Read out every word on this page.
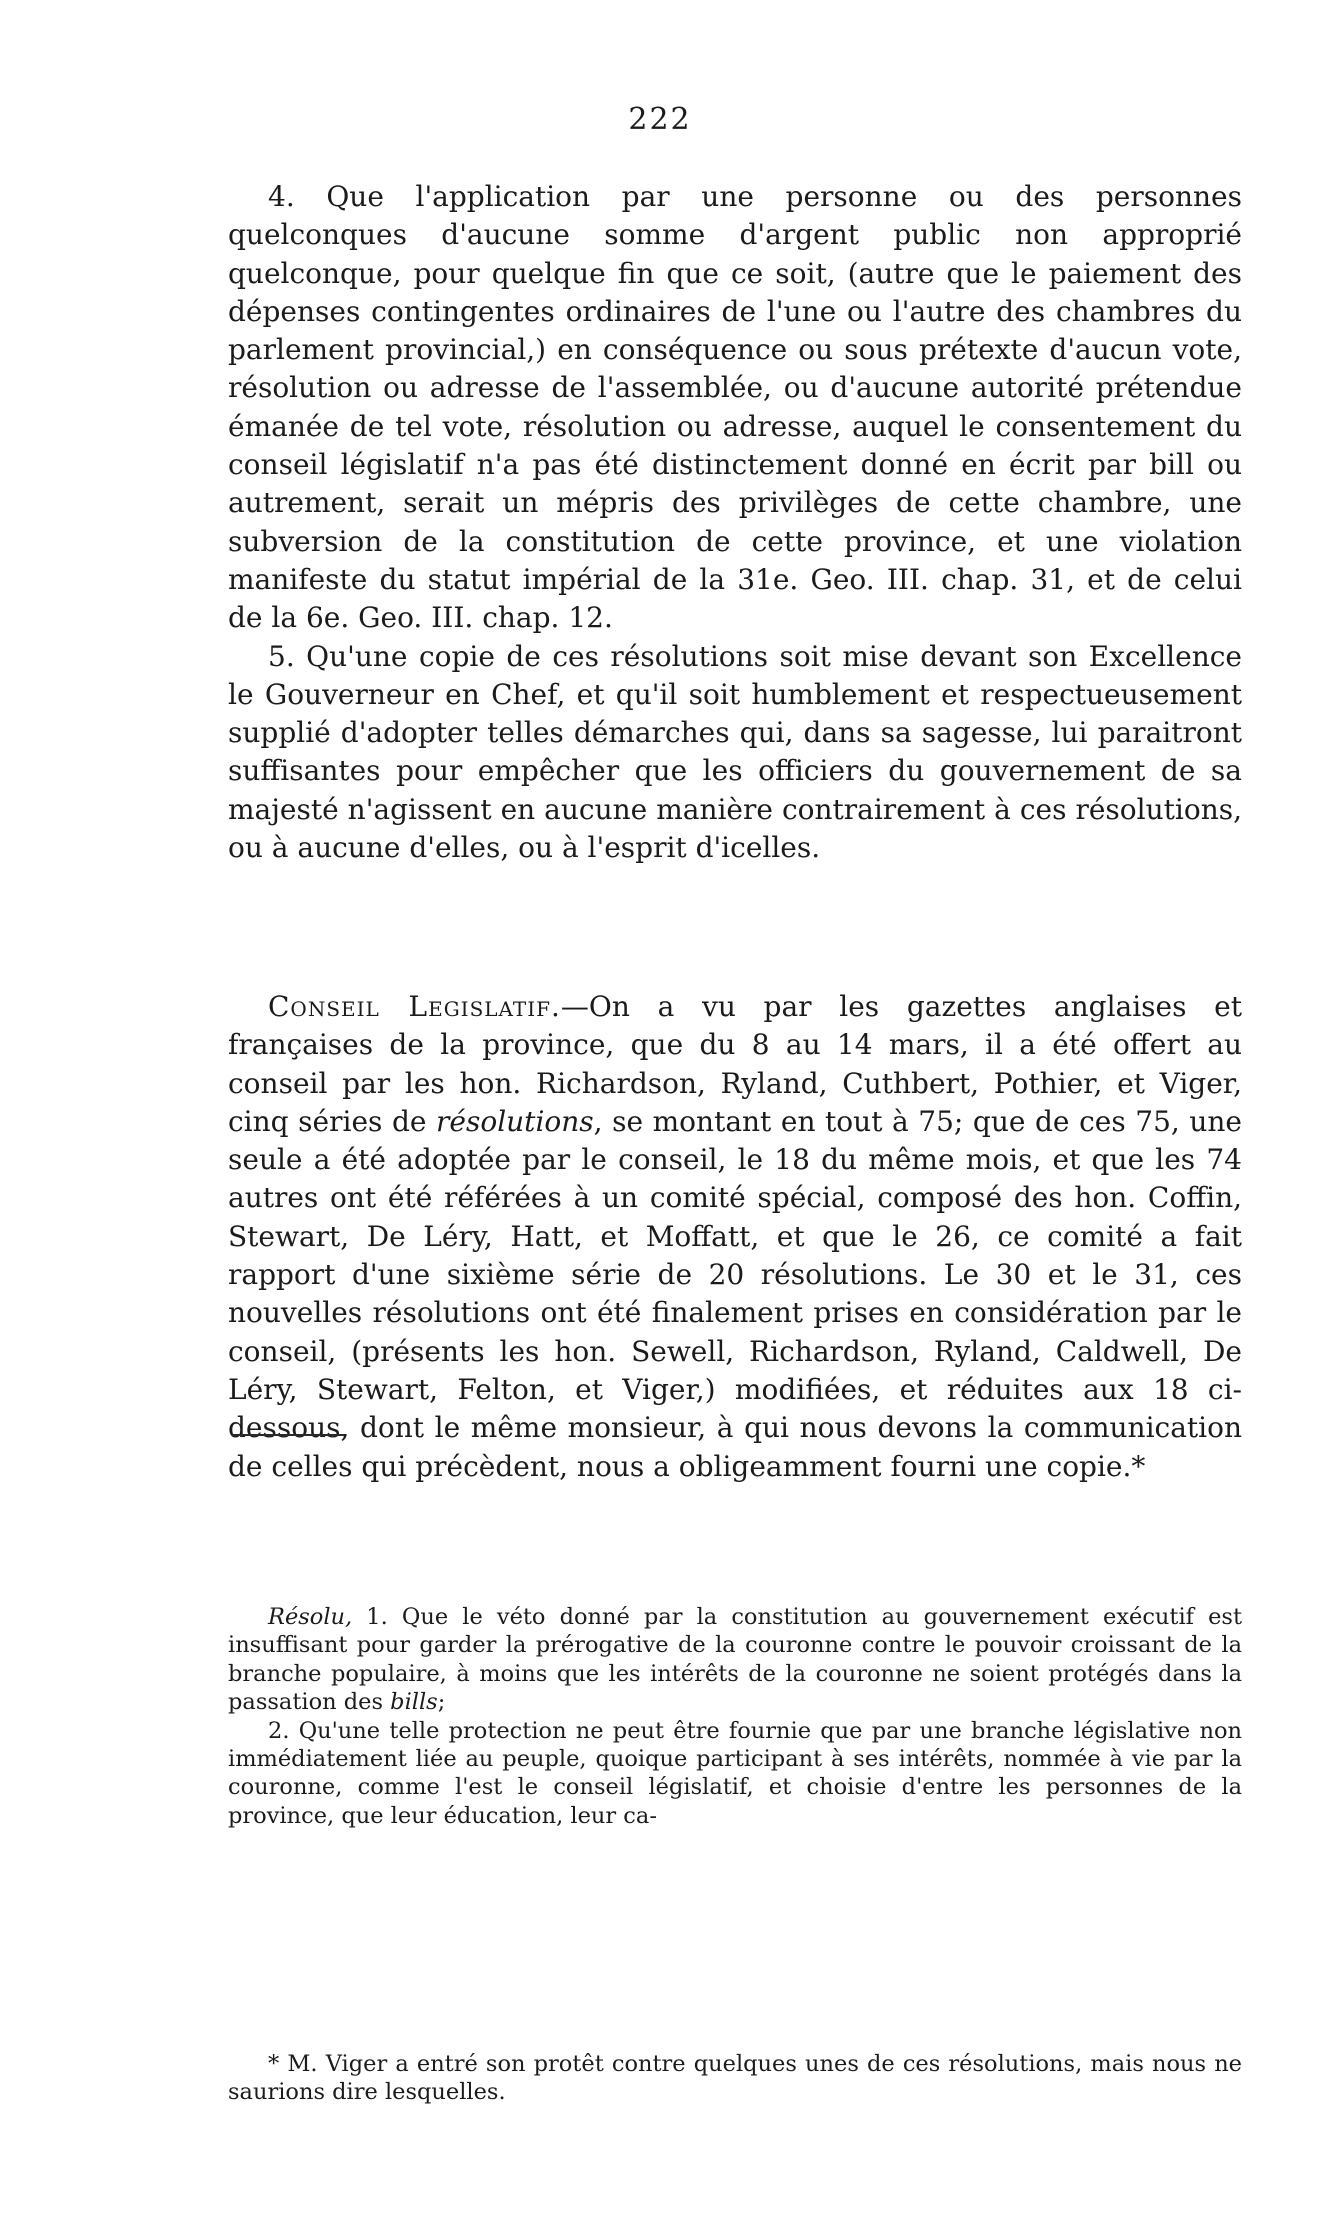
222

4. Que l'application par une personne ou des personnes quelconques d'aucune somme d'argent public non approprié quelconque, pour quelque fin que ce soit, (autre que le paiement des dépenses contingentes ordinaires de l'une ou l'autre des chambres du parlement provincial,) en conséquence ou sous prétexte d'aucun vote, résolution ou adresse de l'assemblée, ou d'aucune autorité prétendue émanée de tel vote, résolution ou adresse, auquel le consentement du conseil législatif n'a pas été distinctement donné en écrit par bill ou autrement, serait un mépris des privilèges de cette chambre, une subversion de la constitution de cette province, et une violation manifeste du statut impérial de la 31e. Geo. III. chap. 31, et de celui de la 6e. Geo. III. chap. 12.

5. Qu'une copie de ces résolutions soit mise devant son Excellence le Gouverneur en Chef, et qu'il soit humblement et respectueusement supplié d'adopter telles démarches qui, dans sa sagesse, lui paraitront suffisantes pour empêcher que les officiers du gouvernement de sa majesté n'agissent en aucune manière contrairement à ces résolutions, ou à aucune d'elles, ou à l'esprit d'icelles.

Conseil Legislatif.—On a vu par les gazettes anglaises et françaises de la province, que du 8 au 14 mars, il a été offert au conseil par les hon. Richardson, Ryland, Cuthbert, Pothier, et Viger, cinq séries de résolutions, se montant en tout à 75; que de ces 75, une seule a été adoptée par le conseil, le 18 du même mois, et que les 74 autres ont été référées à un comité spécial, composé des hon. Coffin, Stewart, De Léry, Hatt, et Moffatt, et que le 26, ce comité a fait rapport d'une sixième série de 20 résolutions. Le 30 et le 31, ces nouvelles résolutions ont été finalement prises en considération par le conseil, (présents les hon. Sewell, Richardson, Ryland, Caldwell, De Léry, Stewart, Felton, et Viger,) modifiées, et réduites aux 18 ci-dessous, dont le même monsieur, à qui nous devons la communication de celles qui précèdent, nous a obligeamment fourni une copie.*

Résolu, 1. Que le véto donné par la constitution au gouvernement exécutif est insuffisant pour garder la prérogative de la couronne contre le pouvoir croissant de la branche populaire, à moins que les intérêts de la couronne ne soient protégés dans la passation des bills;

2. Qu'une telle protection ne peut être fournie que par une branche législative non immédiatement liée au peuple, quoique participant à ses intérêts, nommée à vie par la couronne, comme l'est le conseil législatif, et choisie d'entre les personnes de la province, que leur éducation, leur ca-

* M. Viger a entré son protêt contre quelques unes de ces résolutions, mais nous ne saurions dire lesquelles.
